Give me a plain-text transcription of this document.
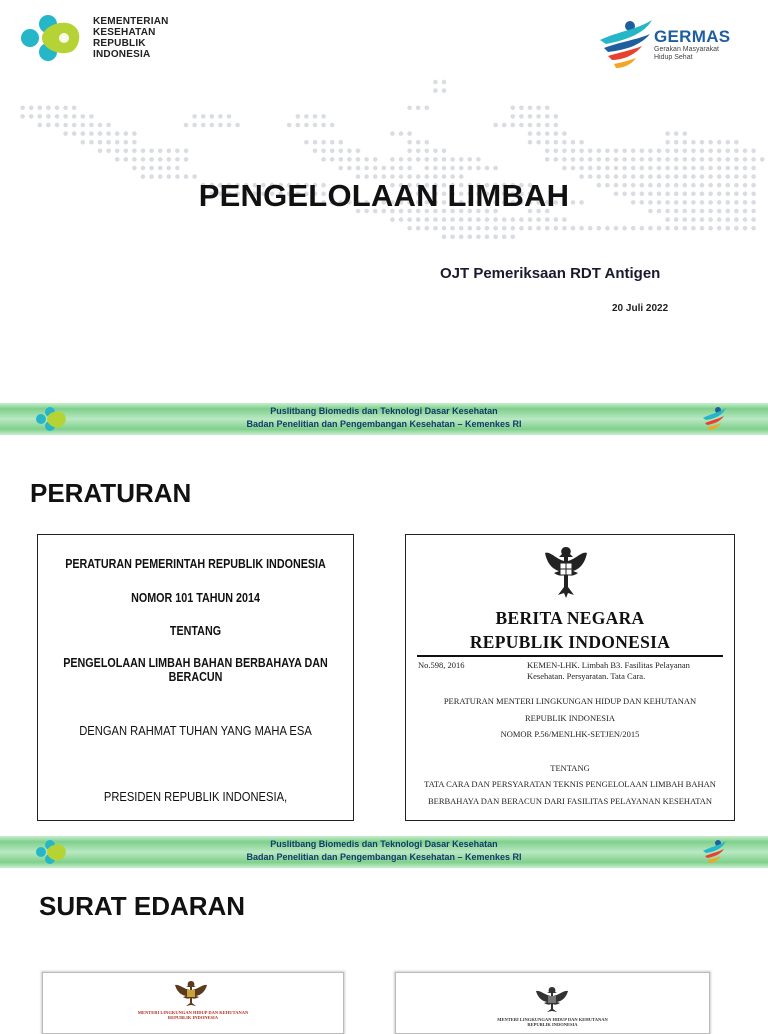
KEMENTERIAN
KESEHATAN
REPUBLIK
INDONESIA
GERMAS
Gerakan Masyarakat
Hidup Sehat
PENGELOLAAN LIMBAH
OJT Pemeriksaan RDT Antigen
20 Juli 2022
Puslitbang Biomedis dan Teknologi Dasar Kesehatan
Badan Penelitian dan Pengembangan Kesehatan – Kemenkes RI
PERATURAN
PERATURAN PEMERINTAH REPUBLIK INDONESIA
NOMOR 101 TAHUN 2014
TENTANG
PENGELOLAAN LIMBAH BAHAN BERBAHAYA DAN BERACUN
DENGAN RAHMAT TUHAN YANG MAHA ESA
PRESIDEN REPUBLIK INDONESIA,
BERITA NEGARA
REPUBLIK INDONESIA
No.598, 2016	KEMEN-LHK. Limbah B3. Fasilitas Pelayanan
Kesehatan. Persyaratan. Tata Cara.
PERATURAN MENTERI LINGKUNGAN HIDUP DAN KEHUTANAN
REPUBLIK INDONESIA
NOMOR P.56/MENLHK-SETJEN/2015
TENTANG
TATA CARA DAN PERSYARATAN TEKNIS PENGELOLAAN LIMBAH BAHAN
BERBAHAYA DAN BERACUN DARI FASILITAS PELAYANAN KESEHATAN
Puslitbang Biomedis dan Teknologi Dasar Kesehatan
Badan Penelitian dan Pengembangan Kesehatan – Kemenkes RI
SURAT EDARAN
MENTERI LINGKUNGAN HIDUP DAN KEHUTANAN
REPUBLIK INDONESIA	MENTERI LINGKUNGAN HIDUP DAN KEHUTANAN
REPUBLIK INDONESIA
